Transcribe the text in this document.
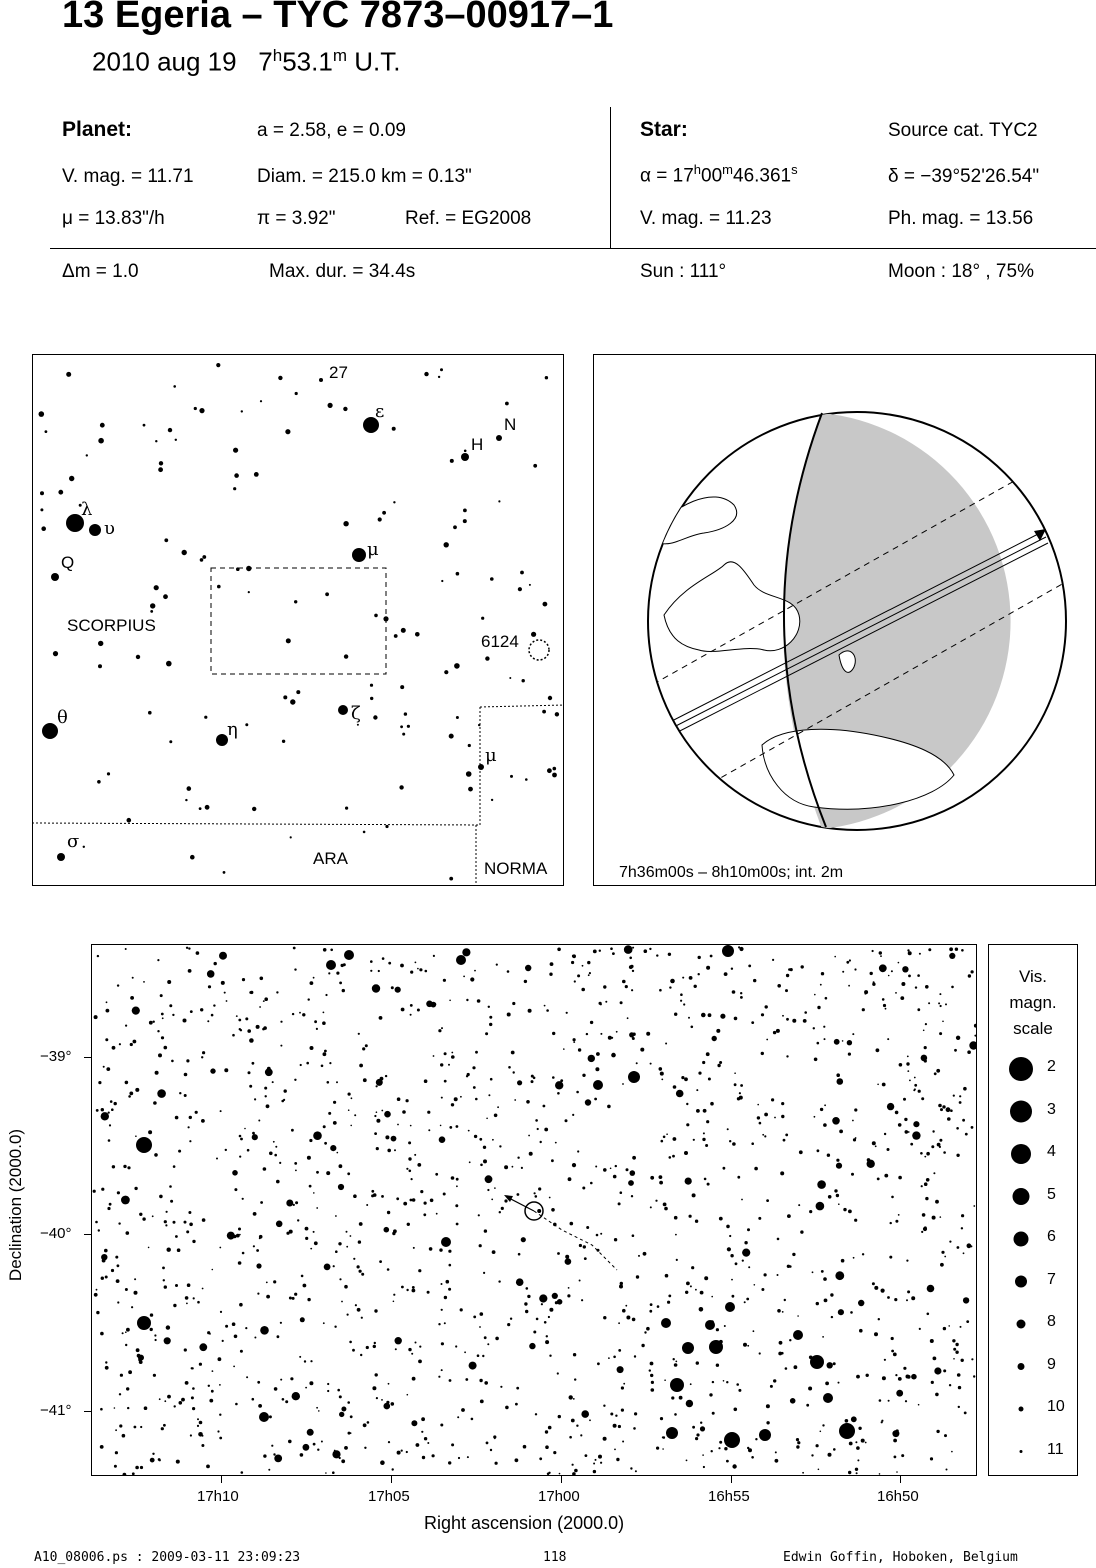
13 Egeria – TYC 7873–00917–1
2010 aug 19 7$^h$53.1$^m$ U.T.
Planet:	a = 2.58, e = 0.09
V. mag. = 11.71	Diam. = 215.0 km = 0.13"
μ = 13.83"/h	π = 3.92"	Ref. = EG2008
Star:	Source cat. TYC2
$\alpha = 17^h00^m46.361^s$	δ = −39°52'26.54"
V. mag. = 11.23	Ph. mag. = 13.56
Δm = 1.0	Max. dur. = 34.4s	Sun : 111°	Moon : 18° , 75%
27
ε
H
N
λ
υ
Q
μ
SCORPIUS
6124
θ
η
ζ
μ
σ
ARA
NORMA	7h36m00s – 8h10m00s; int. 2m
−39°
−40°
−41°
Declination (2000.0)
17h10	17h05	17h00	16h55	16h50
Right ascension (2000.0)
Vis.
magn.
scale
2
3
4
5
6
7
8
9
10
11
A10_08006.ps : 2009-03-11 23:09:23	118	Edwin Goffin, Hoboken, Belgium
